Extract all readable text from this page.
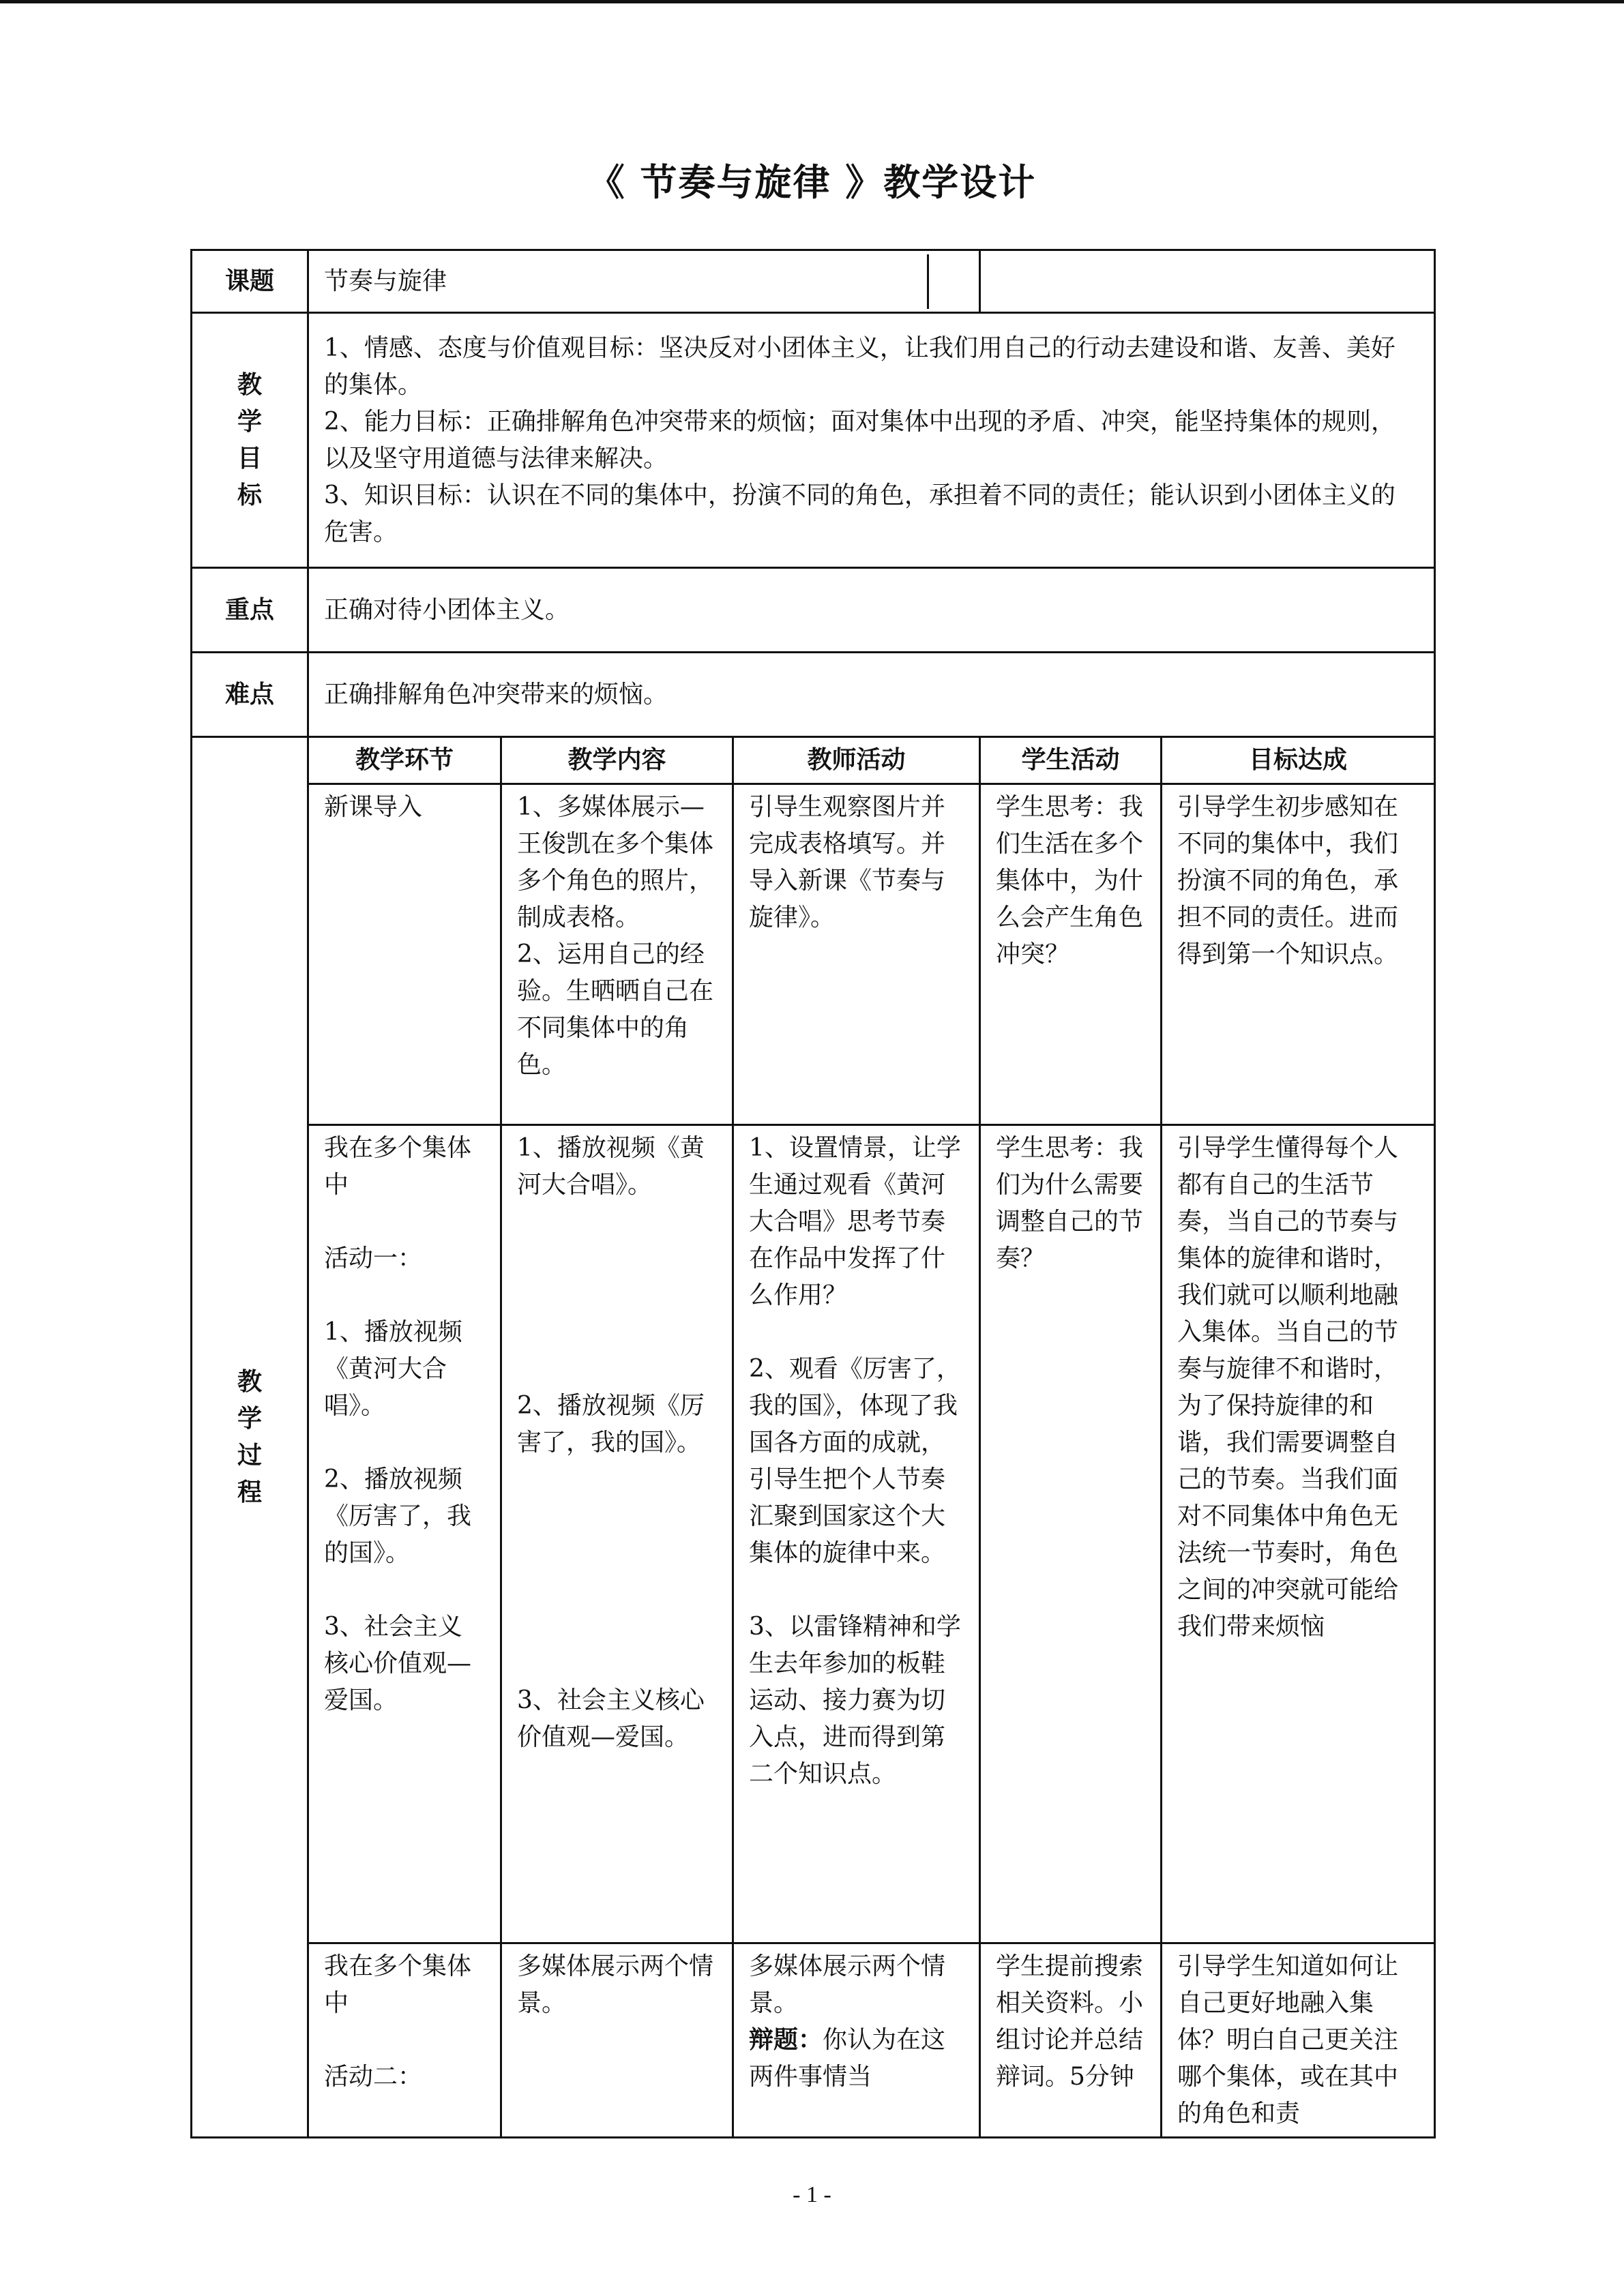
《 节奏与旋律 》教学设计
课题	节奏与旋律				

教
学
目
标	1、情感、态度与价值观目标：坚决反对小团体主义，让我们用自己的行动去建设和谐、友善、美好的集体。
2、能力目标：正确排解角色冲突带来的烦恼；面对集体中出现的矛盾、冲突，能坚持集体的规则，以及坚守用道德与法律来解决。
3、知识目标：认识在不同的集体中，扮演不同的角色，承担着不同的责任；能认识到小团体主义的危害。				

重点	正确对待小团体主义。				
难点	正确排解角色冲突带来的烦恼。				

教
学
过
程	教学环节	教学内容	教师活动	学生活动	目标达成

	新课导入	1、多媒体展示—王俊凯在多个集体多个角色的照片，制成表格。
2、运用自己的经验。生晒晒自己在不同集体中的角色。	引导生观察图片并完成表格填写。并导入新课《节奏与旋律》。	学生思考：我们生活在多个集体中，为什么会产生角色冲突？	引导学生初步感知在不同的集体中，我们扮演不同的角色，承担不同的责任。进而得到第一个知识点。

	我在多个集体中
活动一：
1、播放视频《黄河大合唱》。
2、播放视频《厉害了，我的国》。
3、社会主义核心价值观—爱国。	1、播放视频《黄河大合唱》。
2、播放视频《厉害了，我的国》。
3、社会主义核心价值观—爱国。	1、设置情景，让学生通过观看《黄河大合唱》思考节奏在作品中发挥了什么作用？
2、观看《厉害了，我的国》，体现了我国各方面的成就，引导生把个人节奏汇聚到国家这个大集体的旋律中来。
3、以雷锋精神和学生去年参加的板鞋运动、接力赛为切入点，进而得到第二个知识点。	学生思考：我们为什么需要调整自己的节奏？	引导学生懂得每个人都有自己的生活节奏，当自己的节奏与集体的旋律和谐时，我们就可以顺利地融入集体。当自己的节奏与旋律不和谐时，为了保持旋律的和谐，我们需要调整自己的节奏。当我们面对不同集体中角色无法统一节奏时，角色之间的冲突就可能给我们带来烦恼

	我在多个集体中
活动二：	多媒体展示两个情景。	多媒体展示两个情景。
辩题：你认为在这两件事情当	学生提前搜索相关资料。小组讨论并总结辩词。5分钟	引导学生知道如何让自己更好地融入集体？明白自己更关注哪个集体，或在其中的角色和责
- 1 -
